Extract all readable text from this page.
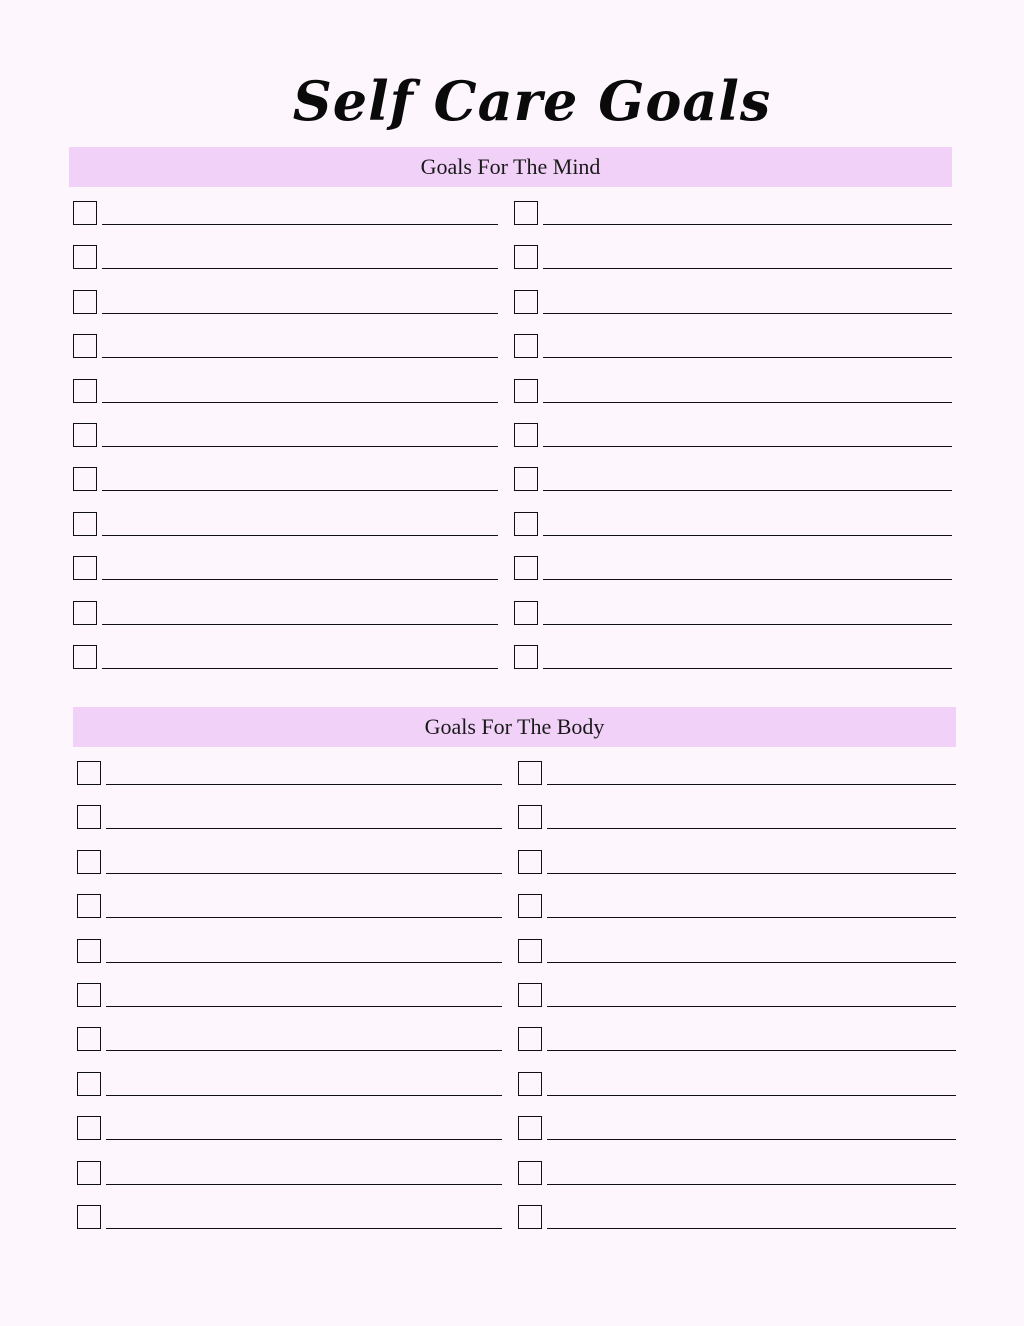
Self Care Goals
Goals For The Mind
Goals For The Body
